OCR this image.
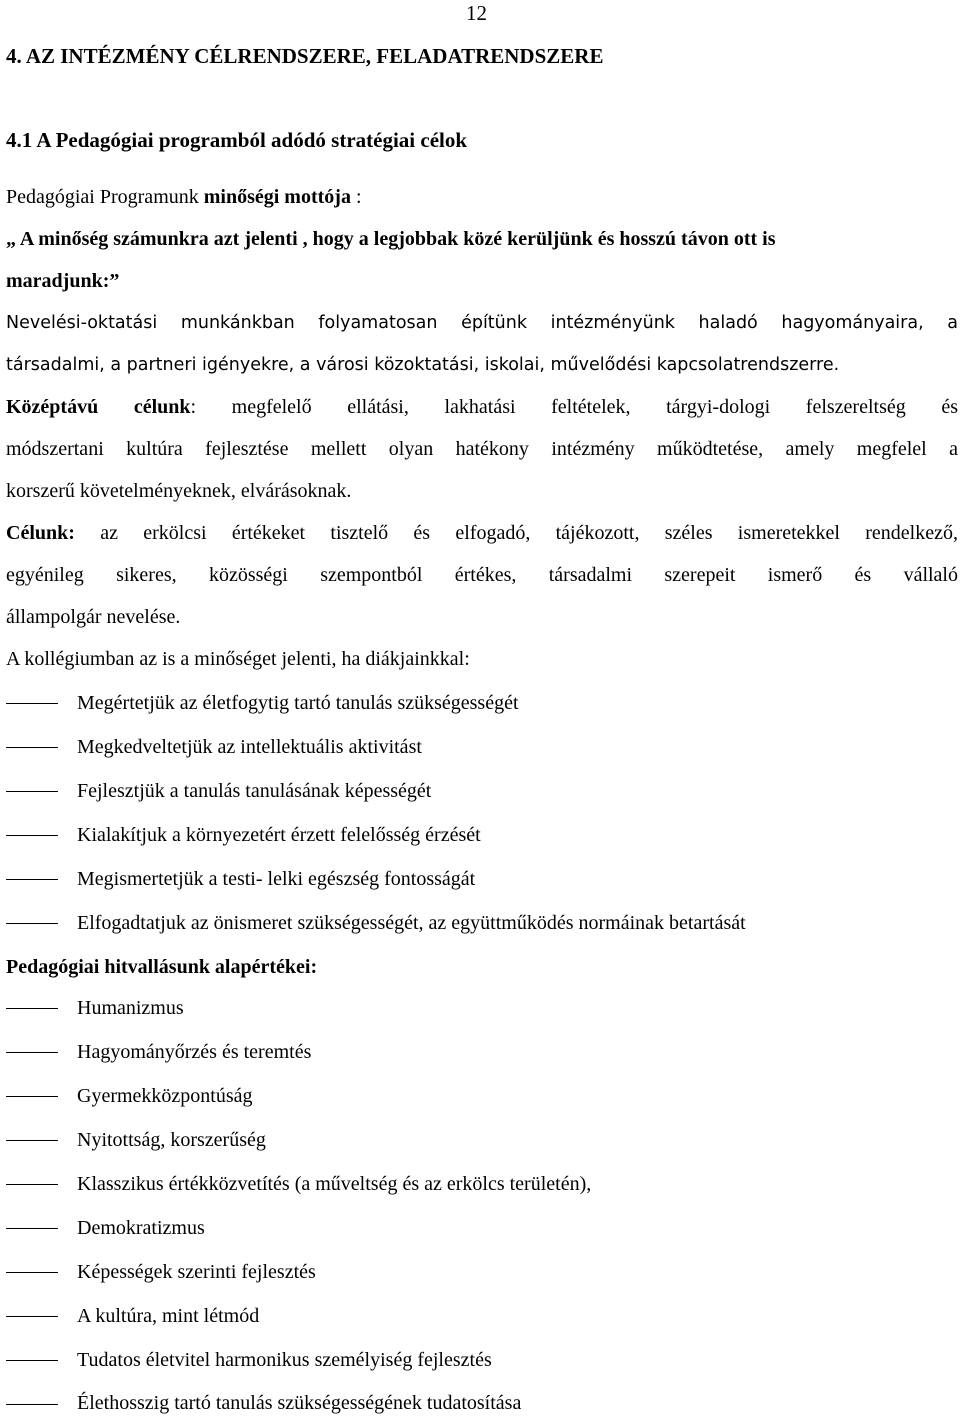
12
4. AZ INTÉZMÉNY CÉLRENDSZERE, FELADATRENDSZERE
4.1 A Pedagógiai programból adódó stratégiai célok
Pedagógiai Programunk minőségi mottója :
„ A minőség számunkra azt jelenti , hogy a legjobbak közé kerüljünk és hosszú távon ott is
maradjunk:”
Nevelési-oktatási munkánkban folyamatosan építünk intézményünk haladó hagyományaira, a
társadalmi, a partneri igényekre, a városi közoktatási, iskolai, művelődési kapcsolatrendszerre.
Középtávú célunk: megfelelő ellátási, lakhatási feltételek, tárgyi-dologi felszereltség és
módszertani kultúra fejlesztése mellett olyan hatékony intézmény működtetése, amely megfelel a
korszerű követelményeknek, elvárásoknak.
Célunk: az erkölcsi értékeket tisztelő és elfogadó, tájékozott, széles ismeretekkel rendelkező,
egyénileg sikeres, közösségi szempontból értékes, társadalmi szerepeit ismerő és vállaló
állampolgár nevelése.
A kollégiumban az is a minőséget jelenti, ha diákjainkkal:
Megértetjük az életfogytig tartó tanulás szükségességét
Megkedveltetjük az intellektuális aktivitást
Fejlesztjük a tanulás tanulásának képességét
Kialakítjuk a környezetért érzett felelősség érzését
Megismertetjük a testi- lelki egészség fontosságát
Elfogadtatjuk az önismeret szükségességét, az együttműködés normáinak betartását
Pedagógiai hitvallásunk alapértékei:
Humanizmus
Hagyományőrzés és teremtés
Gyermekközpontúság
Nyitottság, korszerűség
Klasszikus értékközvetítés (a műveltség és az erkölcs területén),
Demokratizmus
Képességek szerinti fejlesztés
A kultúra, mint létmód
Tudatos életvitel harmonikus személyiség fejlesztés
Élethosszig tartó tanulás szükségességének tudatosítása
